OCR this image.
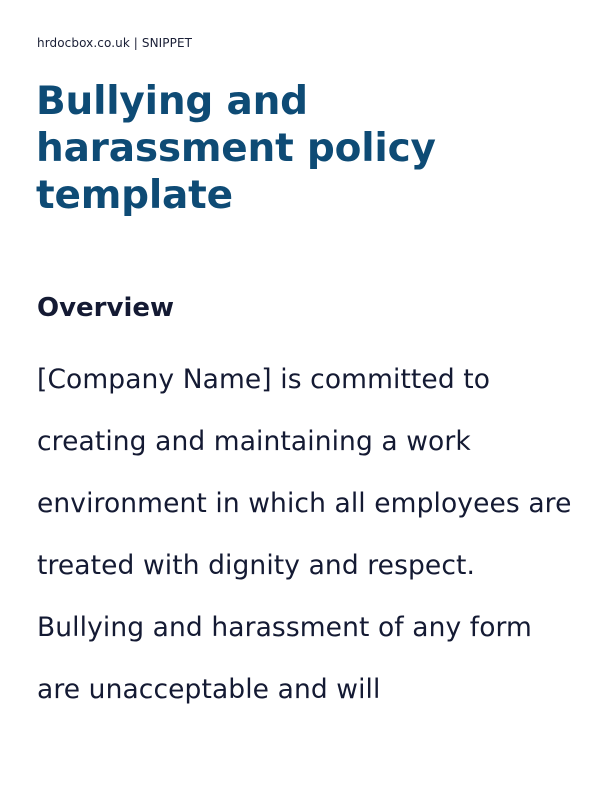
hrdocbox.co.uk | SNIPPET
Bullying and harassment policy template
Overview

[Company Name] is committed to creating and maintaining a work environment in which all employees are treated with dignity and respect. Bullying and harassment of any form are unacceptable and will
